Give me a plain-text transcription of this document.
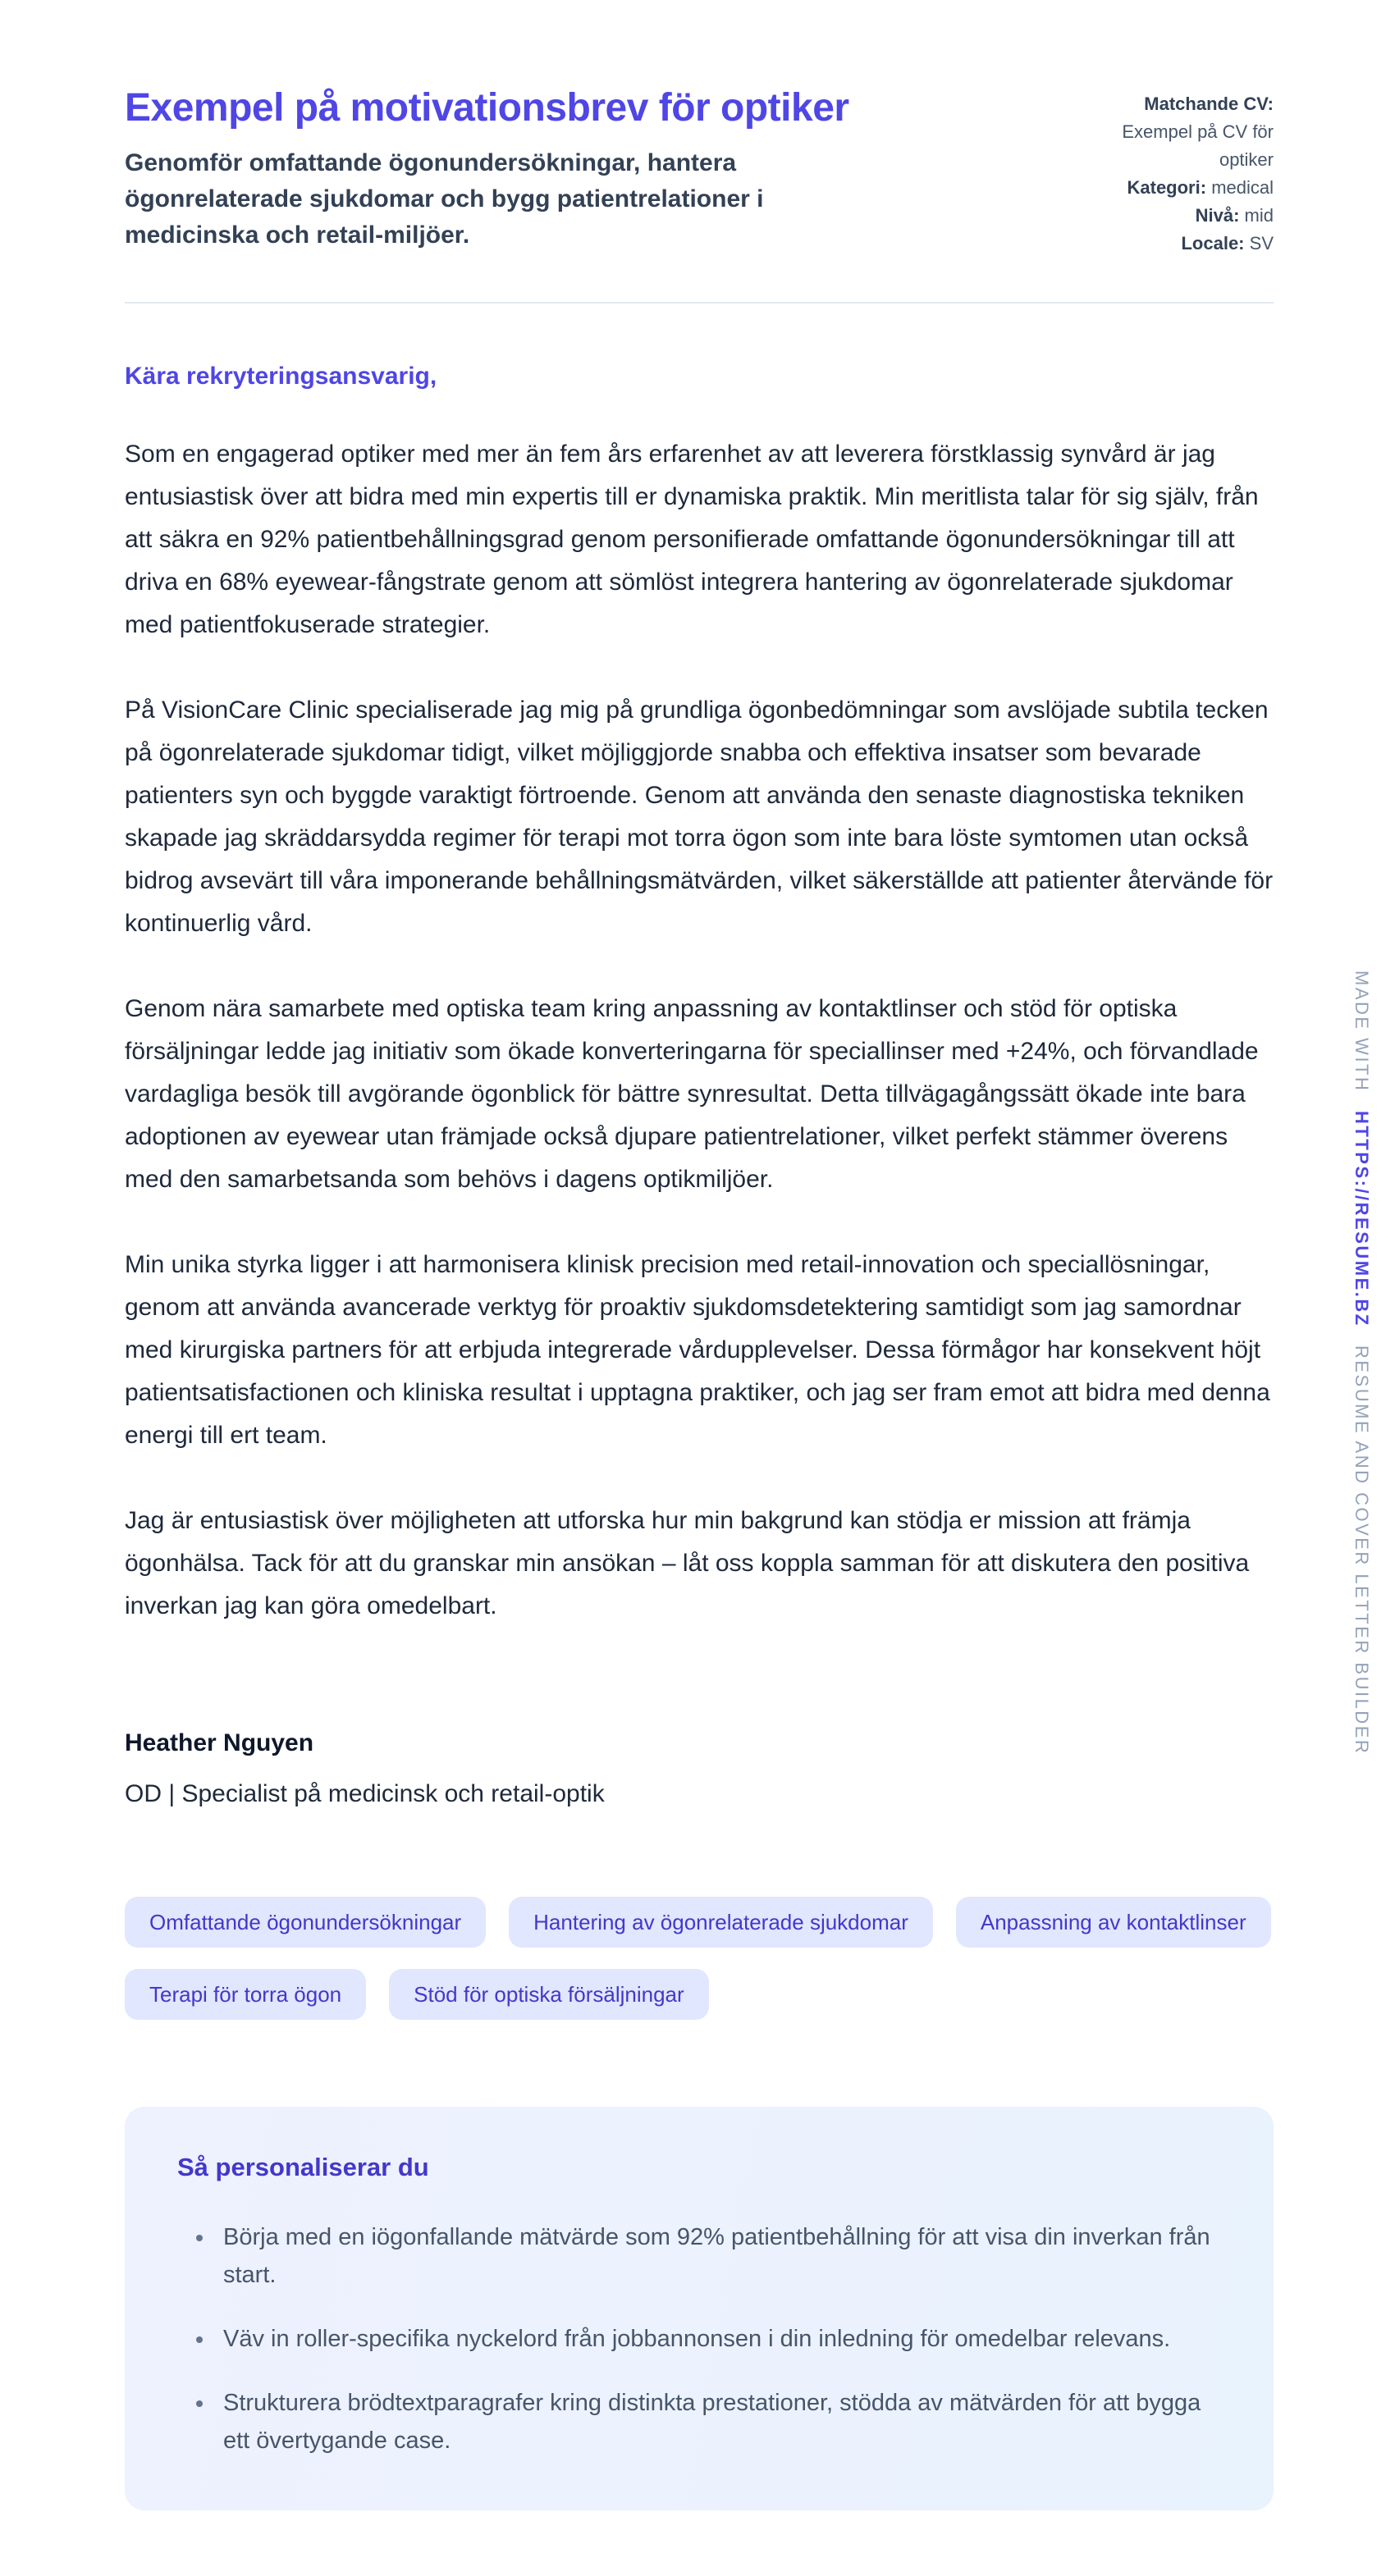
Exempel på motivationsbrev för optiker

Genomför omfattande ögonundersökningar, hantera ögonrelaterade sjukdomar och bygg patientrelationer i medicinska och retail-miljöer.

Matchande CV: Exempel på CV för optiker
Kategori: medical
Nivå: mid
Locale: SV

Kära rekryteringsansvarig,

Som en engagerad optiker med mer än fem års erfarenhet av att leverera förstklassig synvård är jag entusiastisk över att bidra med min expertis till er dynamiska praktik. Min meritlista talar för sig själv, från att säkra en 92% patientbehållningsgrad genom personifierade omfattande ögonundersökningar till att driva en 68% eyewear-fångstrate genom att sömlöst integrera hantering av ögonrelaterade sjukdomar med patientfokuserade strategier.

På VisionCare Clinic specialiserade jag mig på grundliga ögonbedömningar som avslöjade subtila tecken på ögonrelaterade sjukdomar tidigt, vilket möjliggjorde snabba och effektiva insatser som bevarade patienters syn och byggde varaktigt förtroende. Genom att använda den senaste diagnostiska tekniken skapade jag skräddarsydda regimer för terapi mot torra ögon som inte bara löste symtomen utan också bidrog avsevärt till våra imponerande behållningsmätvärden, vilket säkerställde att patienter återvände för kontinuerlig vård.

Genom nära samarbete med optiska team kring anpassning av kontaktlinser och stöd för optiska försäljningar ledde jag initiativ som ökade konverteringarna för speciallinser med +24%, och förvandlade vardagliga besök till avgörande ögonblick för bättre synresultat. Detta tillvägagångssätt ökade inte bara adoptionen av eyewear utan främjade också djupare patientrelationer, vilket perfekt stämmer överens med den samarbetsanda som behövs i dagens optikmiljöer.

Min unika styrka ligger i att harmonisera klinisk precision med retail-innovation och speciallösningar, genom att använda avancerade verktyg för proaktiv sjukdomsdetektering samtidigt som jag samordnar med kirurgiska partners för att erbjuda integrerade vårdupplevelser. Dessa förmågor har konsekvent höjt patientsatisfactionen och kliniska resultat i upptagna praktiker, och jag ser fram emot att bidra med denna energi till ert team.

Jag är entusiastisk över möjligheten att utforska hur min bakgrund kan stödja er mission att främja ögonhälsa. Tack för att du granskar min ansökan – låt oss koppla samman för att diskutera den positiva inverkan jag kan göra omedelbart.

Heather Nguyen

OD | Specialist på medicinsk och retail-optik

Omfattande ögonundersökningar	Hantering av ögonrelaterade sjukdomar	Anpassning av kontaktlinser
Terapi för torra ögon	Stöd för optiska försäljningar
Så personaliserar du
• Börja med en iögonfallande mätvärde som 92% patientbehållning för att visa din inverkan från start.
• Väv in roller-specifika nyckelord från jobbannonsen i din inledning för omedelbar relevans.
• Strukturera brödtextparagrafer kring distinkta prestationer, stödda av mätvärden för att bygga ett övertygande case.
MADE WITH HTTPS://RESUME.BZ RESUME AND COVER LETTER BUILDER
